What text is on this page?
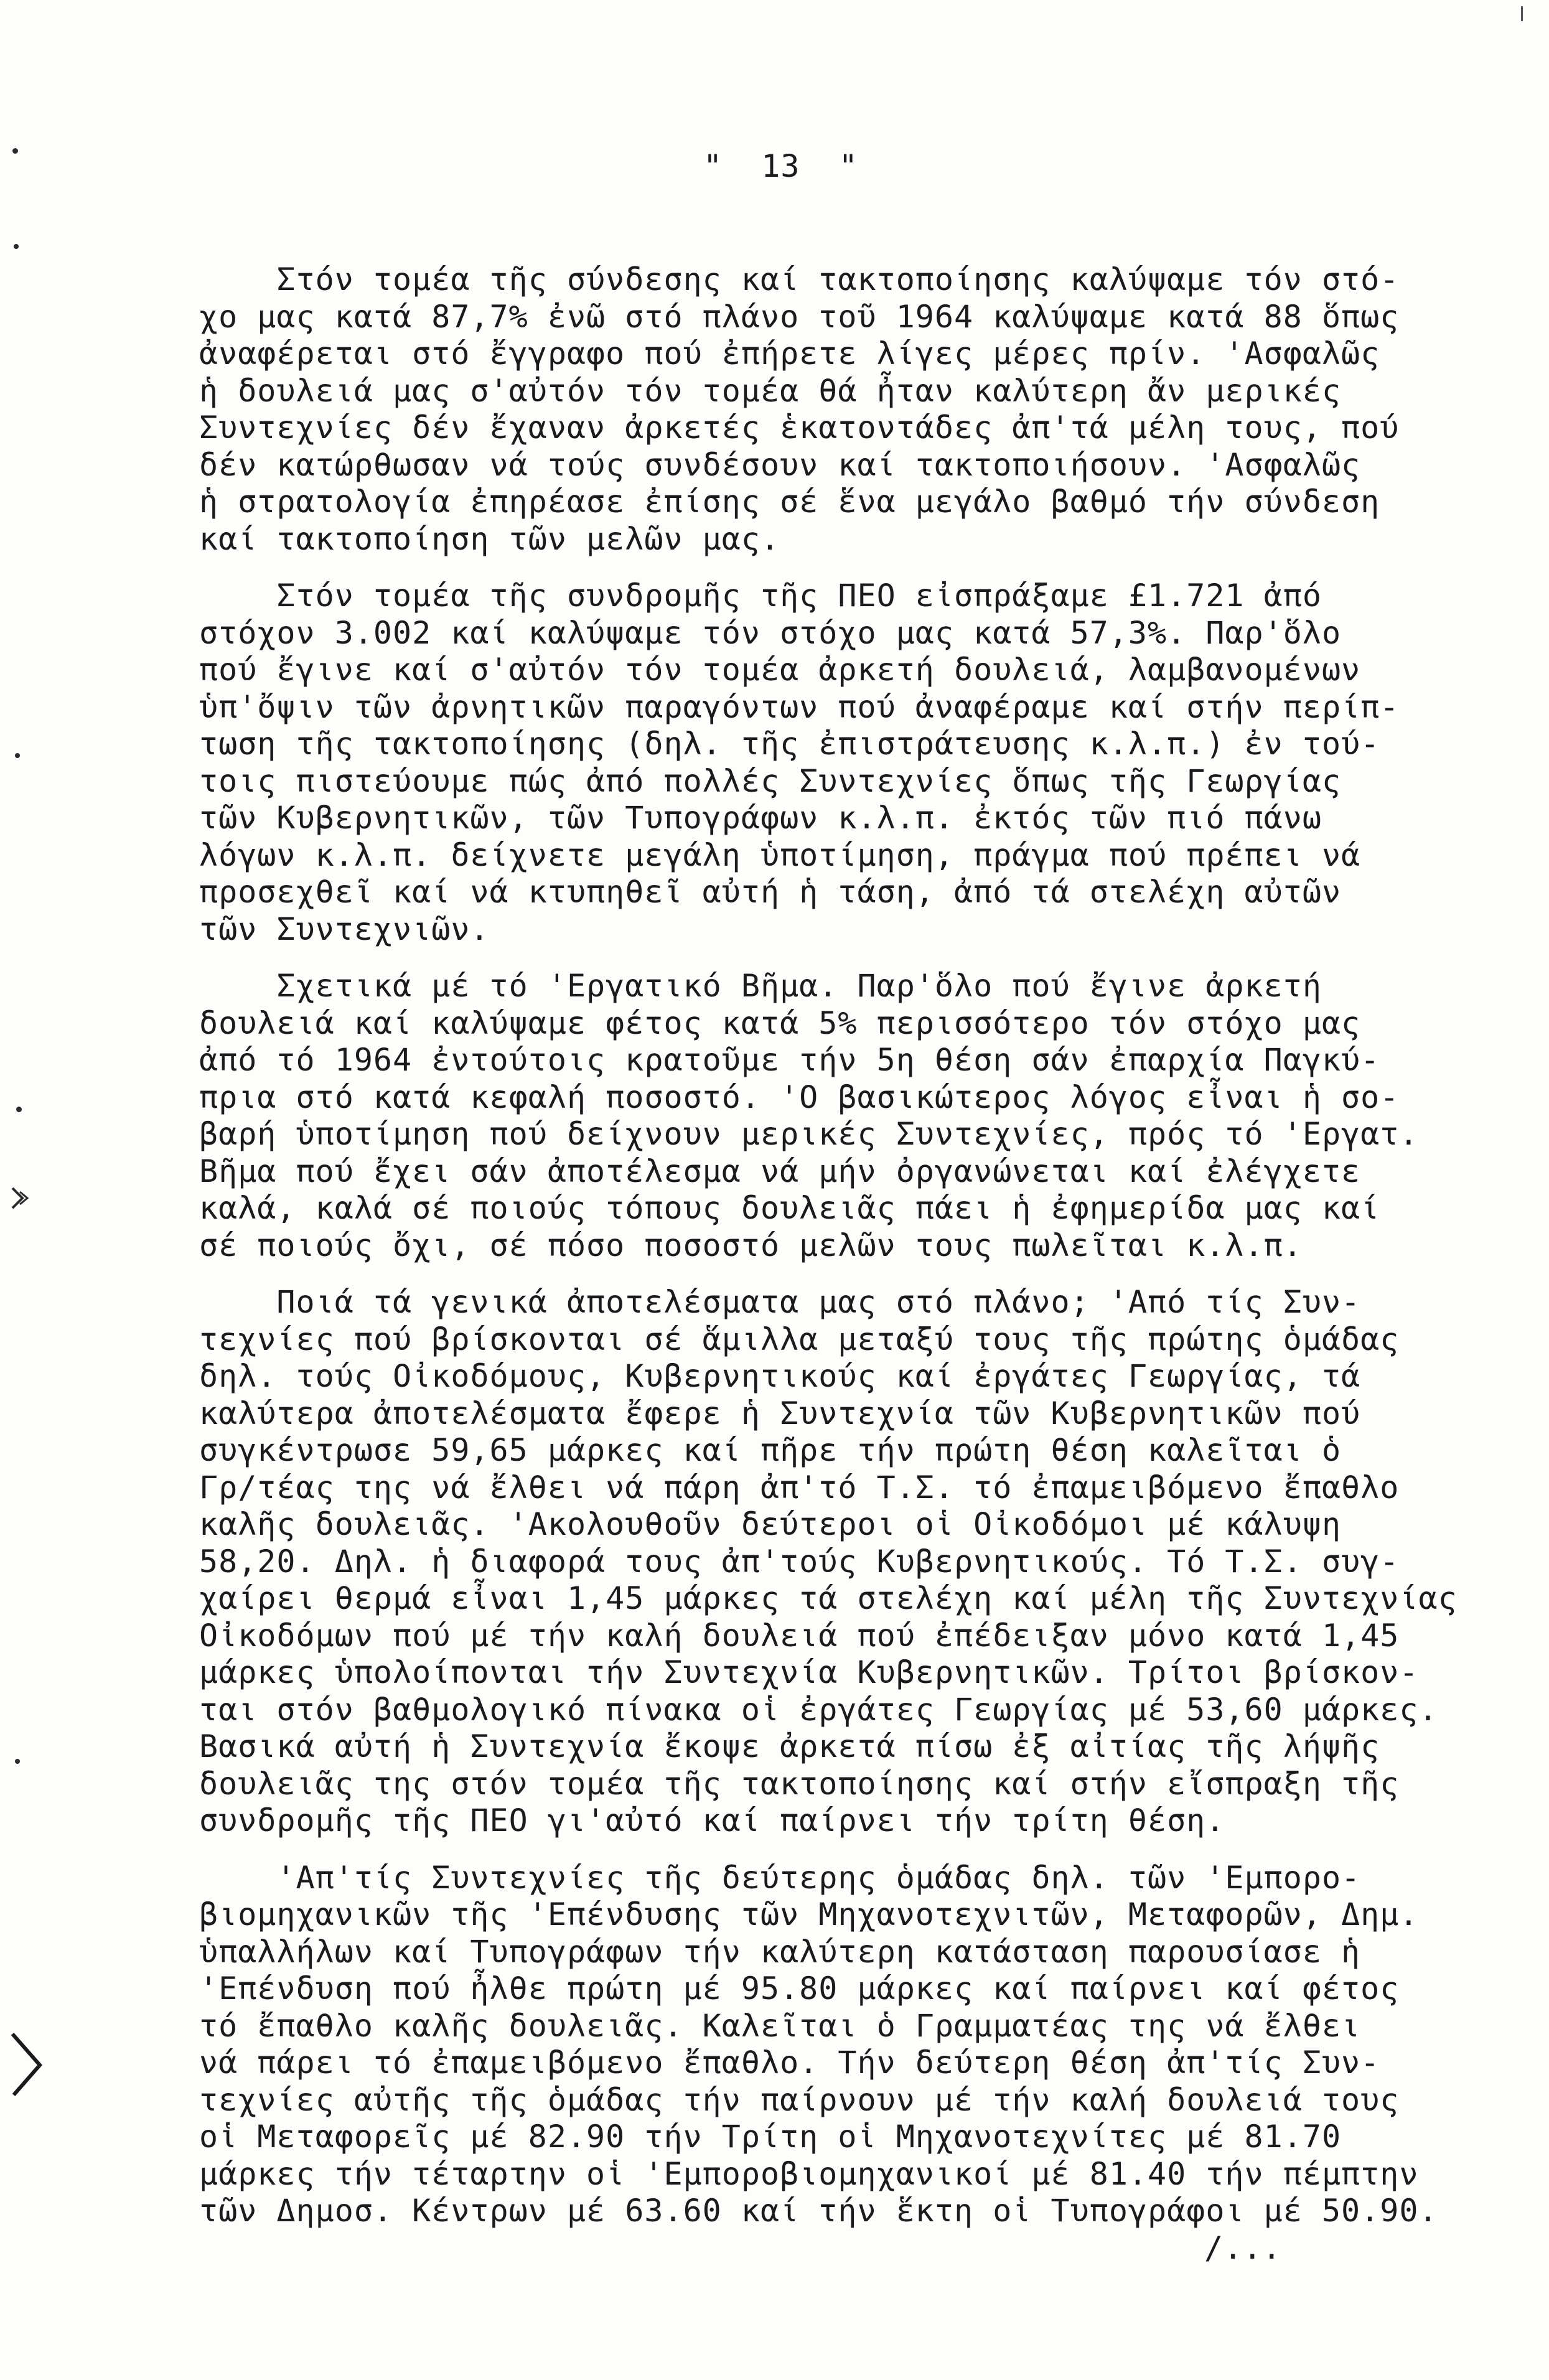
"  13  "
Στόν τομέα τῆς σύνδεσης καί τακτοποίησης καλύψαμε τόν στό-
χο μας κατά 87,7% ἐνῶ στό πλάνο τοῦ 1964 καλύψαμε κατά 88 ὅπως
ἀναφέρεται στό ἔγγραφο πού ἐπήρετε λίγες μέρες πρίν. 'Ασφαλῶς
ἡ δουλειά μας σ'αὐτόν τόν τομέα θά ἦταν καλύτερη ἄν μερικές
Συντεχνίες δέν ἔχαναν ἀρκετές ἑκατοντάδες ἀπ'τά μέλη τους, πού
δέν κατώρθωσαν νά τούς συνδέσουν καί τακτοποιήσουν. 'Ασφαλῶς
ἡ στρατολογία ἐπηρέασε ἐπίσης σέ ἕνα μεγάλο βαθμό τήν σύνδεση
καί τακτοποίηση τῶν μελῶν μας.
Στόν τομέα τῆς συνδρομῆς τῆς ΠΕΟ εἰσπράξαμε £1.721 ἀπό
στόχον 3.002 καί καλύψαμε τόν στόχο μας κατά 57,3%. Παρ'ὅλο
πού ἔγινε καί σ'αὐτόν τόν τομέα ἀρκετή δουλειά, λαμβανομένων
ὑπ'ὄψιν τῶν ἀρνητικῶν παραγόντων πού ἀναφέραμε καί στήν περίπ-
τωση τῆς τακτοποίησης (δηλ. τῆς ἐπιστράτευσης κ.λ.π.) ἐν τού-
τοις πιστεύουμε πώς ἀπό πολλές Συντεχνίες ὅπως τῆς Γεωργίας
τῶν Κυβερνητικῶν, τῶν Τυπογράφων κ.λ.π. ἐκτός τῶν πιό πάνω
λόγων κ.λ.π. δείχνετε μεγάλη ὑποτίμηση, πράγμα πού πρέπει νά
προσεχθεῖ καί νά κτυπηθεῖ αὐτή ἡ τάση, ἀπό τά στελέχη αὐτῶν
τῶν Συντεχνιῶν.
Σχετικά μέ τό 'Εργατικό Βῆμα. Παρ'ὅλο πού ἔγινε ἀρκετή
δουλειά καί καλύψαμε φέτος κατά 5% περισσότερο τόν στόχο μας
ἀπό τό 1964 ἐντούτοις κρατοῦμε τήν 5η θέση σάν ἐπαρχία Παγκύ-
πρια στό κατά κεφαλή ποσοστό. 'Ο βασικώτερος λόγος εἶναι ἡ σο-
βαρή ὑποτίμηση πού δείχνουν μερικές Συντεχνίες, πρός τό 'Εργατ.
Βῆμα πού ἔχει σάν ἀποτέλεσμα νά μήν ὀργανώνεται καί ἐλέγχετε
καλά, καλά σέ ποιούς τόπους δουλειᾶς πάει ἡ ἐφημερίδα μας καί
σέ ποιούς ὄχι, σέ πόσο ποσοστό μελῶν τους πωλεῖται κ.λ.π.
Ποιά τά γενικά ἀποτελέσματα μας στό πλάνο; 'Από τίς Συν-
τεχνίες πού βρίσκονται σέ ἅμιλλα μεταξύ τους τῆς πρώτης ὁμάδας
δηλ. τούς Οἰκοδόμους, Κυβερνητικούς καί ἐργάτες Γεωργίας, τά
καλύτερα ἀποτελέσματα ἔφερε ἡ Συντεχνία τῶν Κυβερνητικῶν πού
συγκέντρωσε 59,65 μάρκες καί πῆρε τήν πρώτη θέση καλεῖται ὁ
Γρ/τέας της νά ἔλθει νά πάρη ἀπ'τό Τ.Σ. τό ἐπαμειβόμενο ἔπαθλο
καλῆς δουλειᾶς. 'Ακολουθοῦν δεύτεροι οἱ Οἰκοδόμοι μέ κάλυψη
58,20. Δηλ. ἡ διαφορά τους ἀπ'τούς Κυβερνητικούς. Τό Τ.Σ. συγ-
χαίρει θερμά εἶναι 1,45 μάρκες τά στελέχη καί μέλη τῆς Συντεχνίας
Οἰκοδόμων πού μέ τήν καλή δουλειά πού ἐπέδειξαν μόνο κατά 1,45
μάρκες ὑπολοίπονται τήν Συντεχνία Κυβερνητικῶν. Τρίτοι βρίσκον-
ται στόν βαθμολογικό πίνακα οἱ ἐργάτες Γεωργίας μέ 53,60 μάρκες.
Βασικά αὐτή ἡ Συντεχνία ἔκοψε ἀρκετά πίσω ἐξ αἰτίας τῆς λήψῆς
δουλειᾶς της στόν τομέα τῆς τακτοποίησης καί στήν εἴσπραξη τῆς
συνδρομῆς τῆς ΠΕΟ γι'αὐτό καί παίρνει τήν τρίτη θέση.
'Απ'τίς Συντεχνίες τῆς δεύτερης ὁμάδας δηλ. τῶν 'Εμπορο-
βιομηχανικῶν τῆς 'Επένδυσης τῶν Μηχανοτεχνιτῶν, Μεταφορῶν, Δημ.
ὑπαλλήλων καί Τυπογράφων τήν καλύτερη κατάσταση παρουσίασε ἡ
'Επένδυση πού ἦλθε πρώτη μέ 95.80 μάρκες καί παίρνει καί φέτος
τό ἔπαθλο καλῆς δουλειᾶς. Καλεῖται ὁ Γραμματέας της νά ἔλθει
νά πάρει τό ἐπαμειβόμενο ἔπαθλο. Τήν δεύτερη θέση ἀπ'τίς Συν-
τεχνίες αὐτῆς τῆς ὁμάδας τήν παίρνουν μέ τήν καλή δουλειά τους
οἱ Μεταφορεῖς μέ 82.90 τήν Τρίτη οἱ Μηχανοτεχνίτες μέ 81.70
μάρκες τήν τέταρτην οἱ 'Εμποροβιομηχανικοί μέ 81.40 τήν πέμπτην
τῶν Δημοσ. Κέντρων μέ 63.60 καί τήν ἕκτη οἱ Τυπογράφοι μέ 50.90.
/...
